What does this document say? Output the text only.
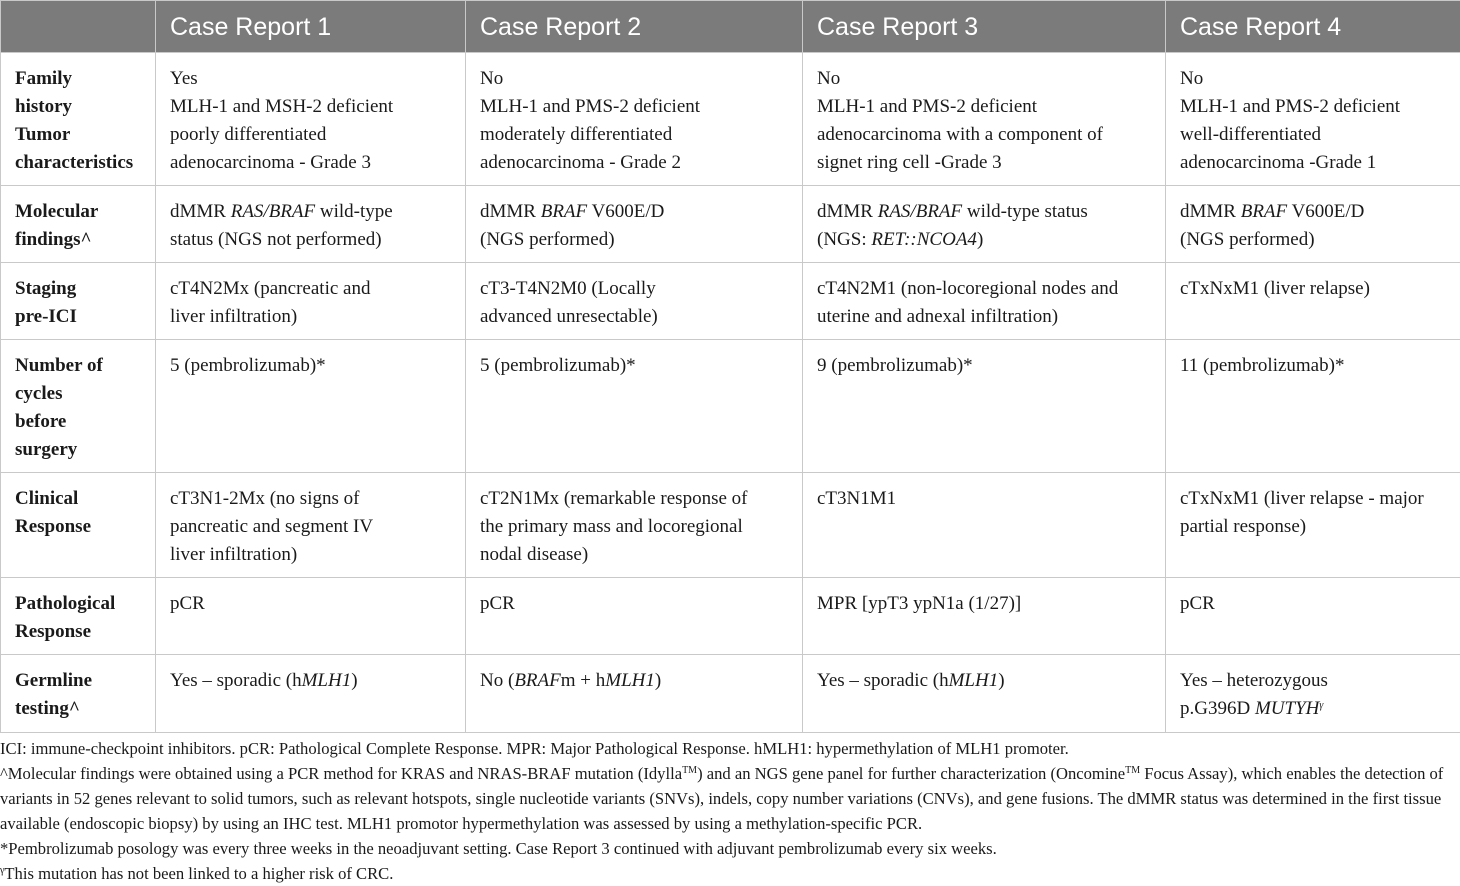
	Case Report 1	Case Report 2	Case Report 3	Case Report 4

Family
history
Tumor
characteristics	Yes
MLH-1 and MSH-2 deficient
poorly differentiated
adenocarcinoma - Grade 3	No
MLH-1 and PMS-2 deficient
moderately differentiated
adenocarcinoma - Grade 2	No
MLH-1 and PMS-2 deficient
adenocarcinoma with a component of
signet ring cell -Grade 3	No
MLH-1 and PMS-2 deficient
well-differentiated
adenocarcinoma -Grade 1

Molecular
findings^	dMMR RAS/BRAF wild-type
status (NGS not performed)	dMMR BRAF V600E/D
(NGS performed)	dMMR RAS/BRAF wild-type status
(NGS: RET::NCOA4)	dMMR BRAF V600E/D
(NGS performed)

Staging
pre-ICI	cT4N2Mx (pancreatic and
liver infiltration)	cT3-T4N2M0 (Locally
advanced unresectable)	cT4N2M1 (non-locoregional nodes and
uterine and adnexal infiltration)	cTxNxM1 (liver relapse)

Number of
cycles
before
surgery	5 (pembrolizumab)*	5 (pembrolizumab)*	9 (pembrolizumab)*	11 (pembrolizumab)*

Clinical
Response	cT3N1-2Mx (no signs of
pancreatic and segment IV
liver infiltration)	cT2N1Mx (remarkable response of
the primary mass and locoregional
nodal disease)	cT3N1M1	cTxNxM1 (liver relapse - major
partial response)

Pathological
Response	pCR	pCR	MPR [ypT3 ypN1a (1/27)]	pCR

Germline
testing^	Yes – sporadic (hMLH1)	No (BRAFm + hMLH1)	Yes – sporadic (hMLH1)	Yes – heterozygous
p.G396D $MUTYH^\gamma$

ICI: immune-checkpoint inhibitors. pCR: Pathological Complete Response. MPR: Major Pathological Response. hMLH1: hypermethylation of MLH1 promoter.

^Molecular findings were obtained using a PCR method for KRAS and NRAS-BRAF mutation (Idylla™) and an NGS gene panel for further characterization (Oncomine™ Focus Assay), which enables the detection of variants in 52 genes relevant to solid tumors, such as relevant hotspots, single nucleotide variants (SNVs), indels, copy number variations (CNVs), and gene fusions. The dMMR status was determined in the first tissue available (endoscopic biopsy) by using an IHC test. MLH1 promotor hypermethylation was assessed by using a methylation-specific PCR.

*Pembrolizumab posology was every three weeks in the neoadjuvant setting. Case Report 3 continued with adjuvant pembrolizumab every six weeks.

$^\gamma$This mutation has not been linked to a higher risk of CRC.
